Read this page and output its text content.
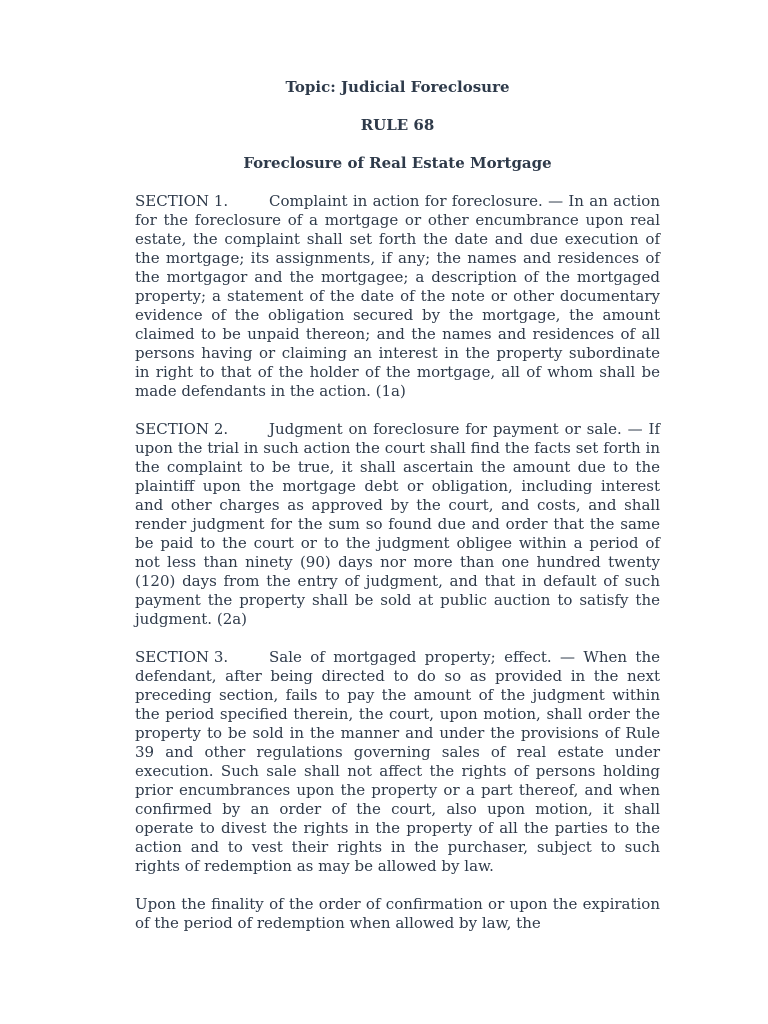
Topic: Judicial Foreclosure

RULE 68

Foreclosure of Real Estate Mortgage

SECTION 1.	Complaint in action for foreclosure. — In an action for the foreclosure of a mortgage or other encumbrance upon real estate, the complaint shall set forth the date and due execution of the mortgage; its assignments, if any; the names and residences of the mortgagor and the mortgagee; a description of the mortgaged property; a statement of the date of the note or other documentary evidence of the obligation secured by the mortgage, the amount claimed to be unpaid thereon; and the names and residences of all persons having or claiming an interest in the property subordinate in right to that of the holder of the mortgage, all of whom shall be made defendants in the action. (1a)

SECTION 2.	Judgment on foreclosure for payment or sale. — If upon the trial in such action the court shall find the facts set forth in the complaint to be true, it shall ascertain the amount due to the plaintiff upon the mortgage debt or obligation, including interest and other charges as approved by the court, and costs, and shall render judgment for the sum so found due and order that the same be paid to the court or to the judgment obligee within a period of not less than ninety (90) days nor more than one hundred twenty (120) days from the entry of judgment, and that in default of such payment the property shall be sold at public auction to satisfy the judgment. (2a)

SECTION 3.	Sale of mortgaged property; effect. — When the defendant, after being directed to do so as provided in the next preceding section, fails to pay the amount of the judgment within the period specified therein, the court, upon motion, shall order the property to be sold in the manner and under the provisions of Rule 39 and other regulations governing sales of real estate under execution. Such sale shall not affect the rights of persons holding prior encumbrances upon the property or a part thereof, and when confirmed by an order of the court, also upon motion, it shall operate to divest the rights in the property of all the parties to the action and to vest their rights in the purchaser, subject to such rights of redemption as may be allowed by law.

Upon the finality of the order of confirmation or upon the expiration of the period of redemption when allowed by law, the
